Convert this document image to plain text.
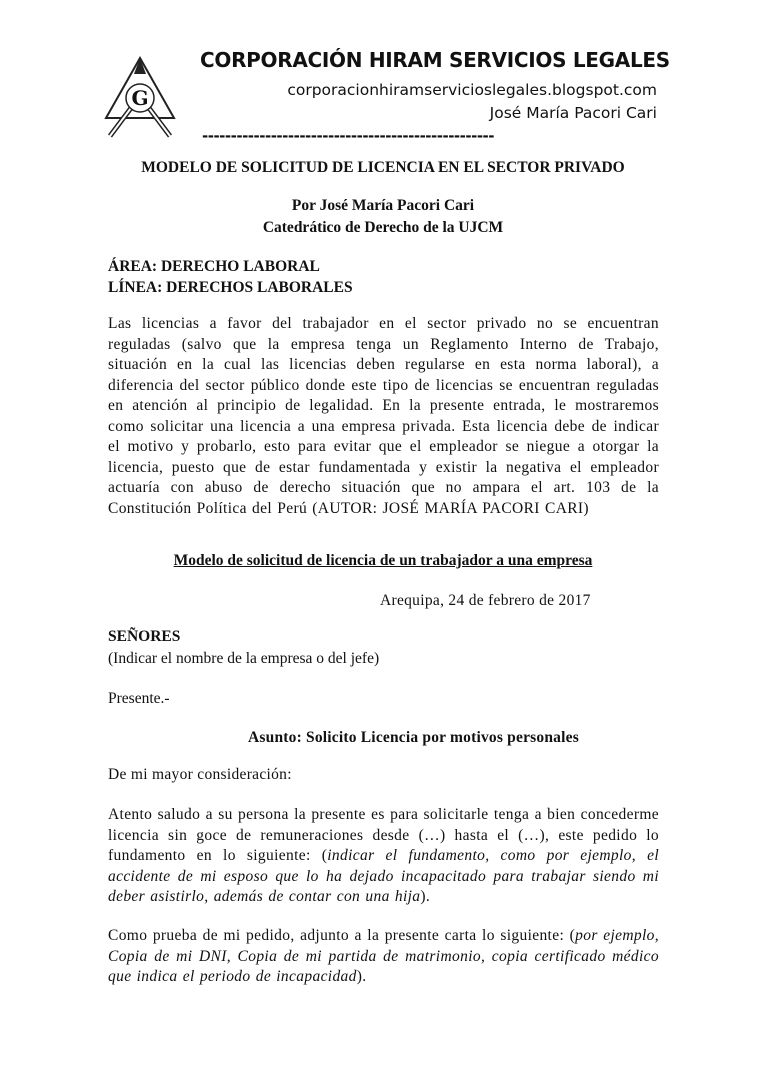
G
CORPORACIÓN HIRAM SERVICIOS LEGALES
corporacionhiramservicioslegales.blogspot.com
José María Pacori Cari
---------------------------------------------------
MODELO DE SOLICITUD DE LICENCIA EN EL SECTOR PRIVADO
Por José María Pacori Cari
Catedrático de Derecho de la UJCM
ÁREA: DERECHO LABORAL
LÍNEA: DERECHOS LABORALES
Las licencias a favor del trabajador en el sector privado no se encuentran reguladas (salvo que la empresa tenga un Reglamento Interno de Trabajo, situación en la cual las licencias deben regularse en esta norma laboral), a diferencia del sector público donde este tipo de licencias se encuentran reguladas en atención al principio de legalidad. En la presente entrada, le mostraremos como solicitar una licencia a una empresa privada. Esta licencia debe de indicar el motivo y probarlo, esto para evitar que el empleador se niegue a otorgar la licencia, puesto que de estar fundamentada y existir la negativa el empleador actuaría con abuso de derecho situación que no ampara el art. 103 de la Constitución Política del Perú (AUTOR: JOSÉ MARÍA PACORI CARI)
Modelo de solicitud de licencia de un trabajador a una empresa
Arequipa, 24 de febrero de 2017
SEÑORES
(Indicar el nombre de la empresa o del jefe)
Presente.-
Asunto: Solicito Licencia por motivos personales
De mi mayor consideración:
Atento saludo a su persona la presente es para solicitarle tenga a bien concederme licencia sin goce de remuneraciones desde (…) hasta el (…), este pedido lo fundamento en lo siguiente: (indicar el fundamento, como por ejemplo, el accidente de mi esposo que lo ha dejado incapacitado para trabajar siendo mi deber asistirlo, además de contar con una hija).
Como prueba de mi pedido, adjunto a la presente carta lo siguiente: (por ejemplo, Copia de mi DNI, Copia de mi partida de matrimonio, copia certificado médico que indica el periodo de incapacidad).
